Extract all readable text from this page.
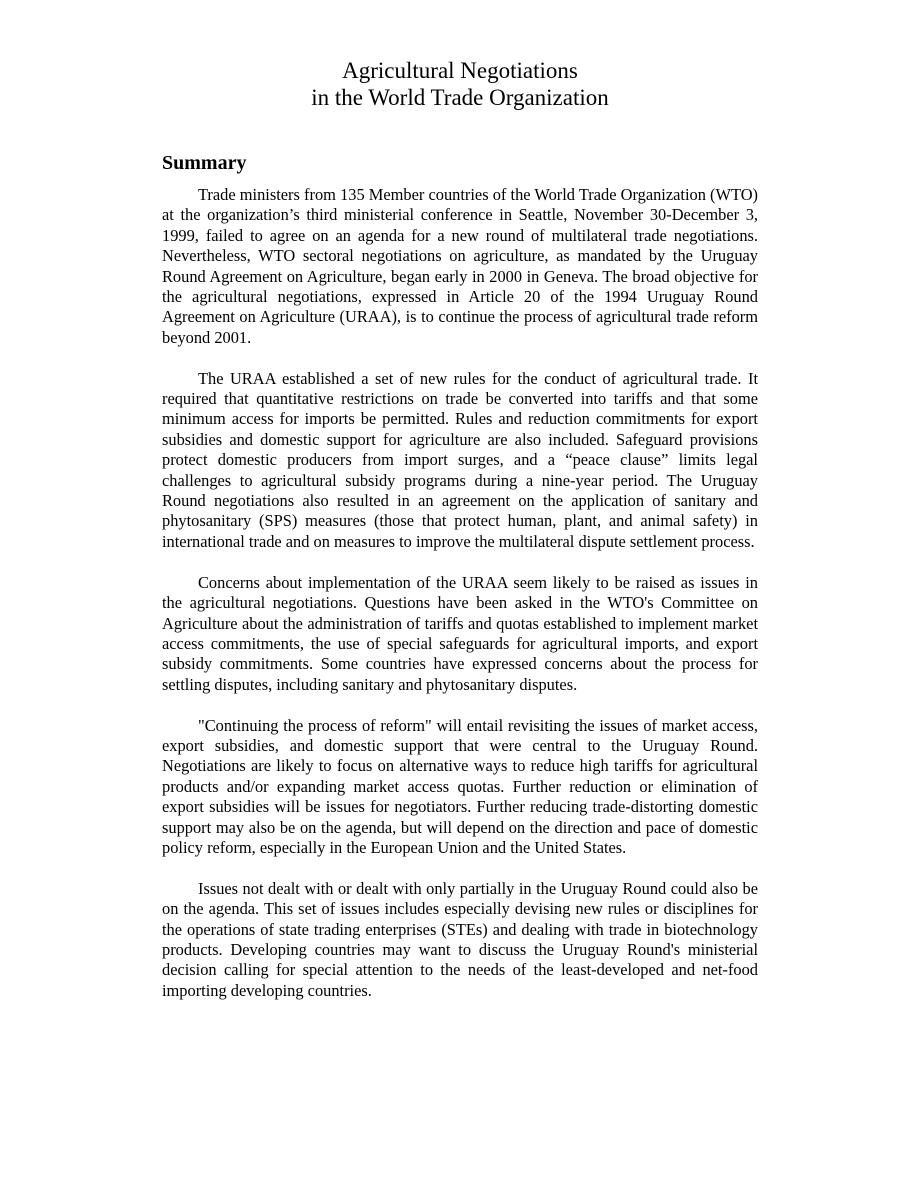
Agricultural Negotiations
in the World Trade Organization
Summary

Trade ministers from 135 Member countries of the World Trade Organization (WTO) at the organization’s third ministerial conference in Seattle, November 30-December 3, 1999, failed to agree on an agenda for a new round of multilateral trade negotiations. Nevertheless, WTO sectoral negotiations on agriculture, as mandated by the Uruguay Round Agreement on Agriculture, began early in 2000 in Geneva. The broad objective for the agricultural negotiations, expressed in Article 20 of the 1994 Uruguay Round Agreement on Agriculture (URAA), is to continue the process of agricultural trade reform beyond 2001.

The URAA established a set of new rules for the conduct of agricultural trade. It required that quantitative restrictions on trade be converted into tariffs and that some minimum access for imports be permitted. Rules and reduction commitments for export subsidies and domestic support for agriculture are also included. Safeguard provisions protect domestic producers from import surges, and a “peace clause” limits legal challenges to agricultural subsidy programs during a nine-year period. The Uruguay Round negotiations also resulted in an agreement on the application of sanitary and phytosanitary (SPS) measures (those that protect human, plant, and animal safety) in international trade and on measures to improve the multilateral dispute settlement process.

Concerns about implementation of the URAA seem likely to be raised as issues in the agricultural negotiations. Questions have been asked in the WTO's Committee on Agriculture about the administration of tariffs and quotas established to implement market access commitments, the use of special safeguards for agricultural imports, and export subsidy commitments. Some countries have expressed concerns about the process for settling disputes, including sanitary and phytosanitary disputes.

"Continuing the process of reform" will entail revisiting the issues of market access, export subsidies, and domestic support that were central to the Uruguay Round. Negotiations are likely to focus on alternative ways to reduce high tariffs for agricultural products and/or expanding market access quotas. Further reduction or elimination of export subsidies will be issues for negotiators. Further reducing trade-distorting domestic support may also be on the agenda, but will depend on the direction and pace of domestic policy reform, especially in the European Union and the United States.

Issues not dealt with or dealt with only partially in the Uruguay Round could also be on the agenda. This set of issues includes especially devising new rules or disciplines for the operations of state trading enterprises (STEs) and dealing with trade in biotechnology products. Developing countries may want to discuss the Uruguay Round's ministerial decision calling for special attention to the needs of the least-developed and net-food importing developing countries.
